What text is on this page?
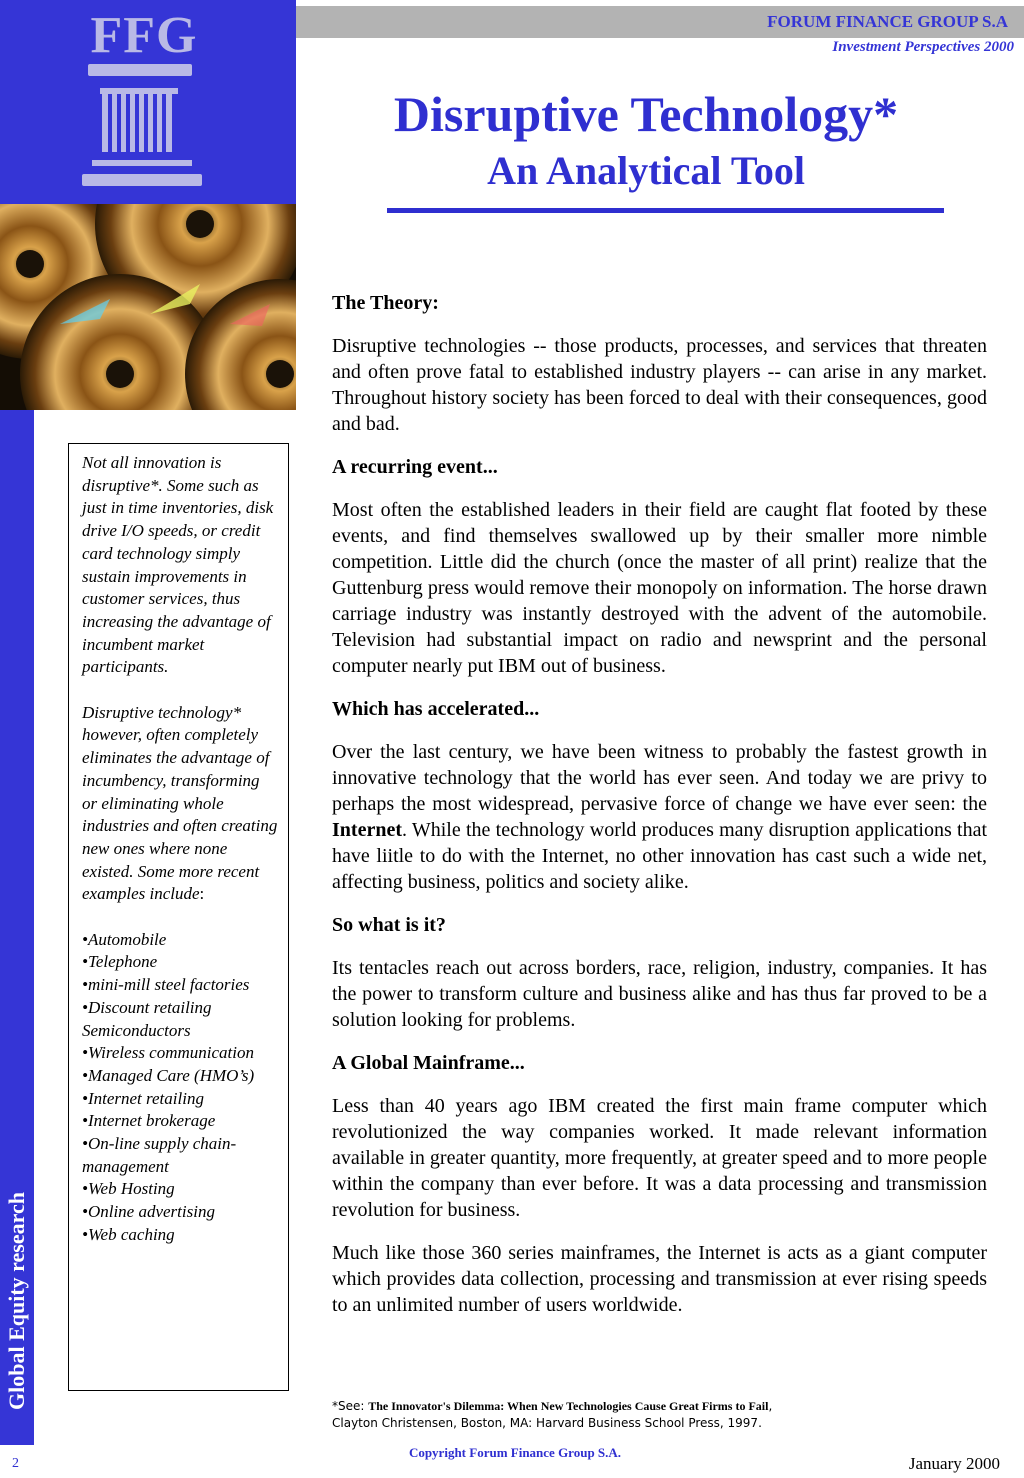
FFG
Global Equity research
FORUM FINANCE GROUP S.A
Investment Perspectives 2000
Disruptive Technology*
An Analytical Tool

Not all innovation is disruptive*. Some such as just in time inventories, disk drive I/O speeds, or credit card technology simply sustain improvements in customer services, thus increasing the advantage of incumbent market participants.

Disruptive technology* however, often completely eliminates the advantage of incumbency, transforming or eliminating whole industries and often creating new ones where none existed. Some more recent examples include:

•Automobile
•Telephone
•mini-mill steel factories
•Discount retailing Semiconductors
•Wireless communication
•Managed Care (HMO’s)
•Internet retailing
•Internet brokerage
•On-line supply chain-management
•Web Hosting
•Online advertising
•Web caching
The Theory:

Disruptive technologies -- those products, processes, and services that threaten and often prove fatal to established industry players -- can arise in any market. Throughout history society has been forced to deal with their consequences, good and bad.

A recurring event...

Most often the established leaders in their field are caught flat footed by these events, and find themselves swallowed up by their smaller more nimble competition. Little did the church (once the master of all print) realize that the Guttenburg press would remove their monopoly on information. The horse drawn carriage industry was instantly destroyed with the advent of the automobile. Television had substantial impact on radio and newsprint and the personal computer nearly put IBM out of business.

Which has accelerated...

Over the last century, we have been witness to probably the fastest growth in innovative technology that the world has ever seen. And today we are privy to perhaps the most widespread, pervasive force of change we have ever seen: the Internet. While the technology world produces many disruption applications that have liitle to do with the Internet, no other innovation has cast such a wide net, affecting business, politics and society alike.

So what is it?

Its tentacles reach out across borders, race, religion, industry, companies. It has the power to transform culture and business alike and has thus far proved to be a solution looking for problems.

A Global Mainframe...

Less than 40 years ago IBM created the first main frame computer which revolutionized the way companies worked. It made relevant information available in greater quantity, more frequently, at greater speed and to more people within the company than ever before. It was a data processing and transmission revolution for business.

Much like those 360 series mainframes, the Internet is acts as a giant computer which provides data collection, processing and transmission at ever rising speeds to an unlimited number of users worldwide.

*See: The Innovator's Dilemma: When New Technologies Cause Great Firms to Fail,
Clayton Christensen, Boston, MA: Harvard Business School Press, 1997.
Copyright Forum Finance Group S.A.
2	January 2000
